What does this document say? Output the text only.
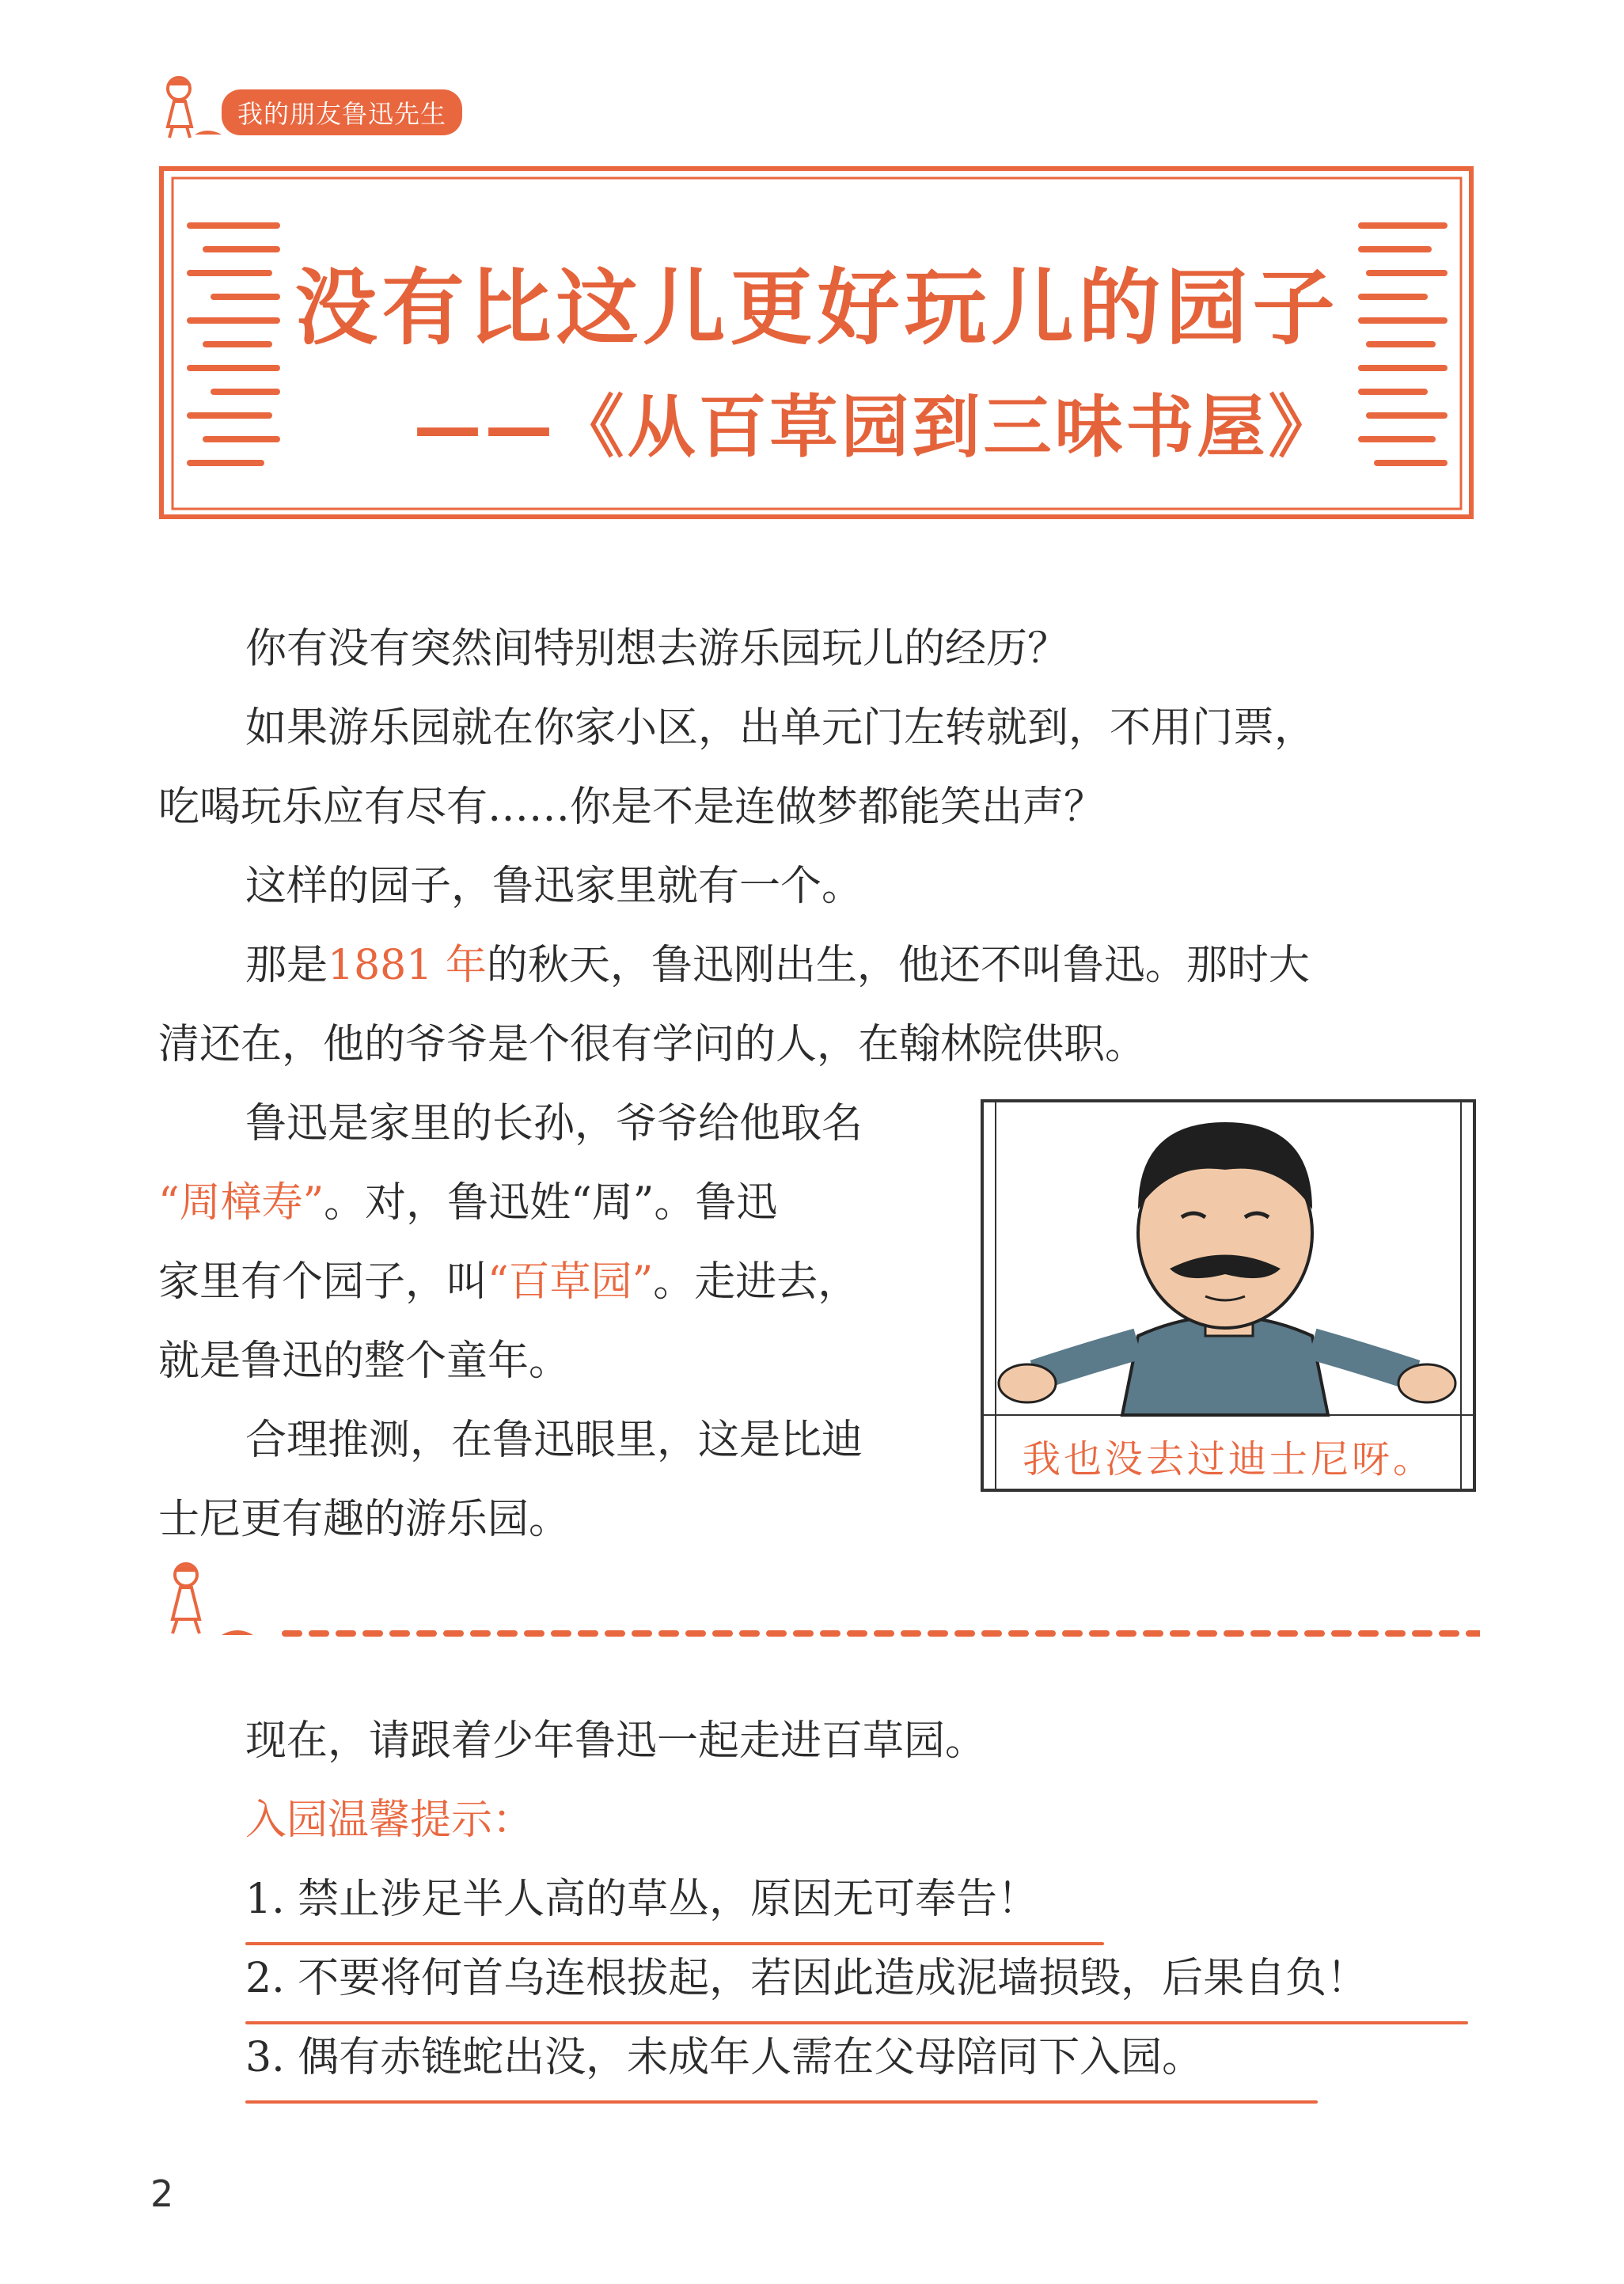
我的朋友鲁迅先生
没有比这儿更好玩儿的园子
——《从百草园到三味书屋》
你有没有突然间特别想去游乐园玩儿的经历？
如果游乐园就在你家小区，出单元门左转就到，不用门票，
吃喝玩乐应有尽有……你是不是连做梦都能笑出声？
这样的园子，鲁迅家里就有一个。
那是1881 年的秋天，鲁迅刚出生，他还不叫鲁迅。那时大
清还在，他的爷爷是个很有学问的人，在翰林院供职。
鲁迅是家里的长孙，爷爷给他取名
“周樟寿”。对，鲁迅姓“周”。鲁迅
家里有个园子，叫“百草园”。走进去，
就是鲁迅的整个童年。
合理推测，在鲁迅眼里，这是比迪
士尼更有趣的游乐园。
我也没去过迪士尼呀。
现在，请跟着少年鲁迅一起走进百草园。
入园温馨提示：
1. 禁止涉足半人高的草丛，原因无可奉告！
2. 不要将何首乌连根拔起，若因此造成泥墙损毁，后果自负！
3. 偶有赤链蛇出没，未成年人需在父母陪同下入园。
2
